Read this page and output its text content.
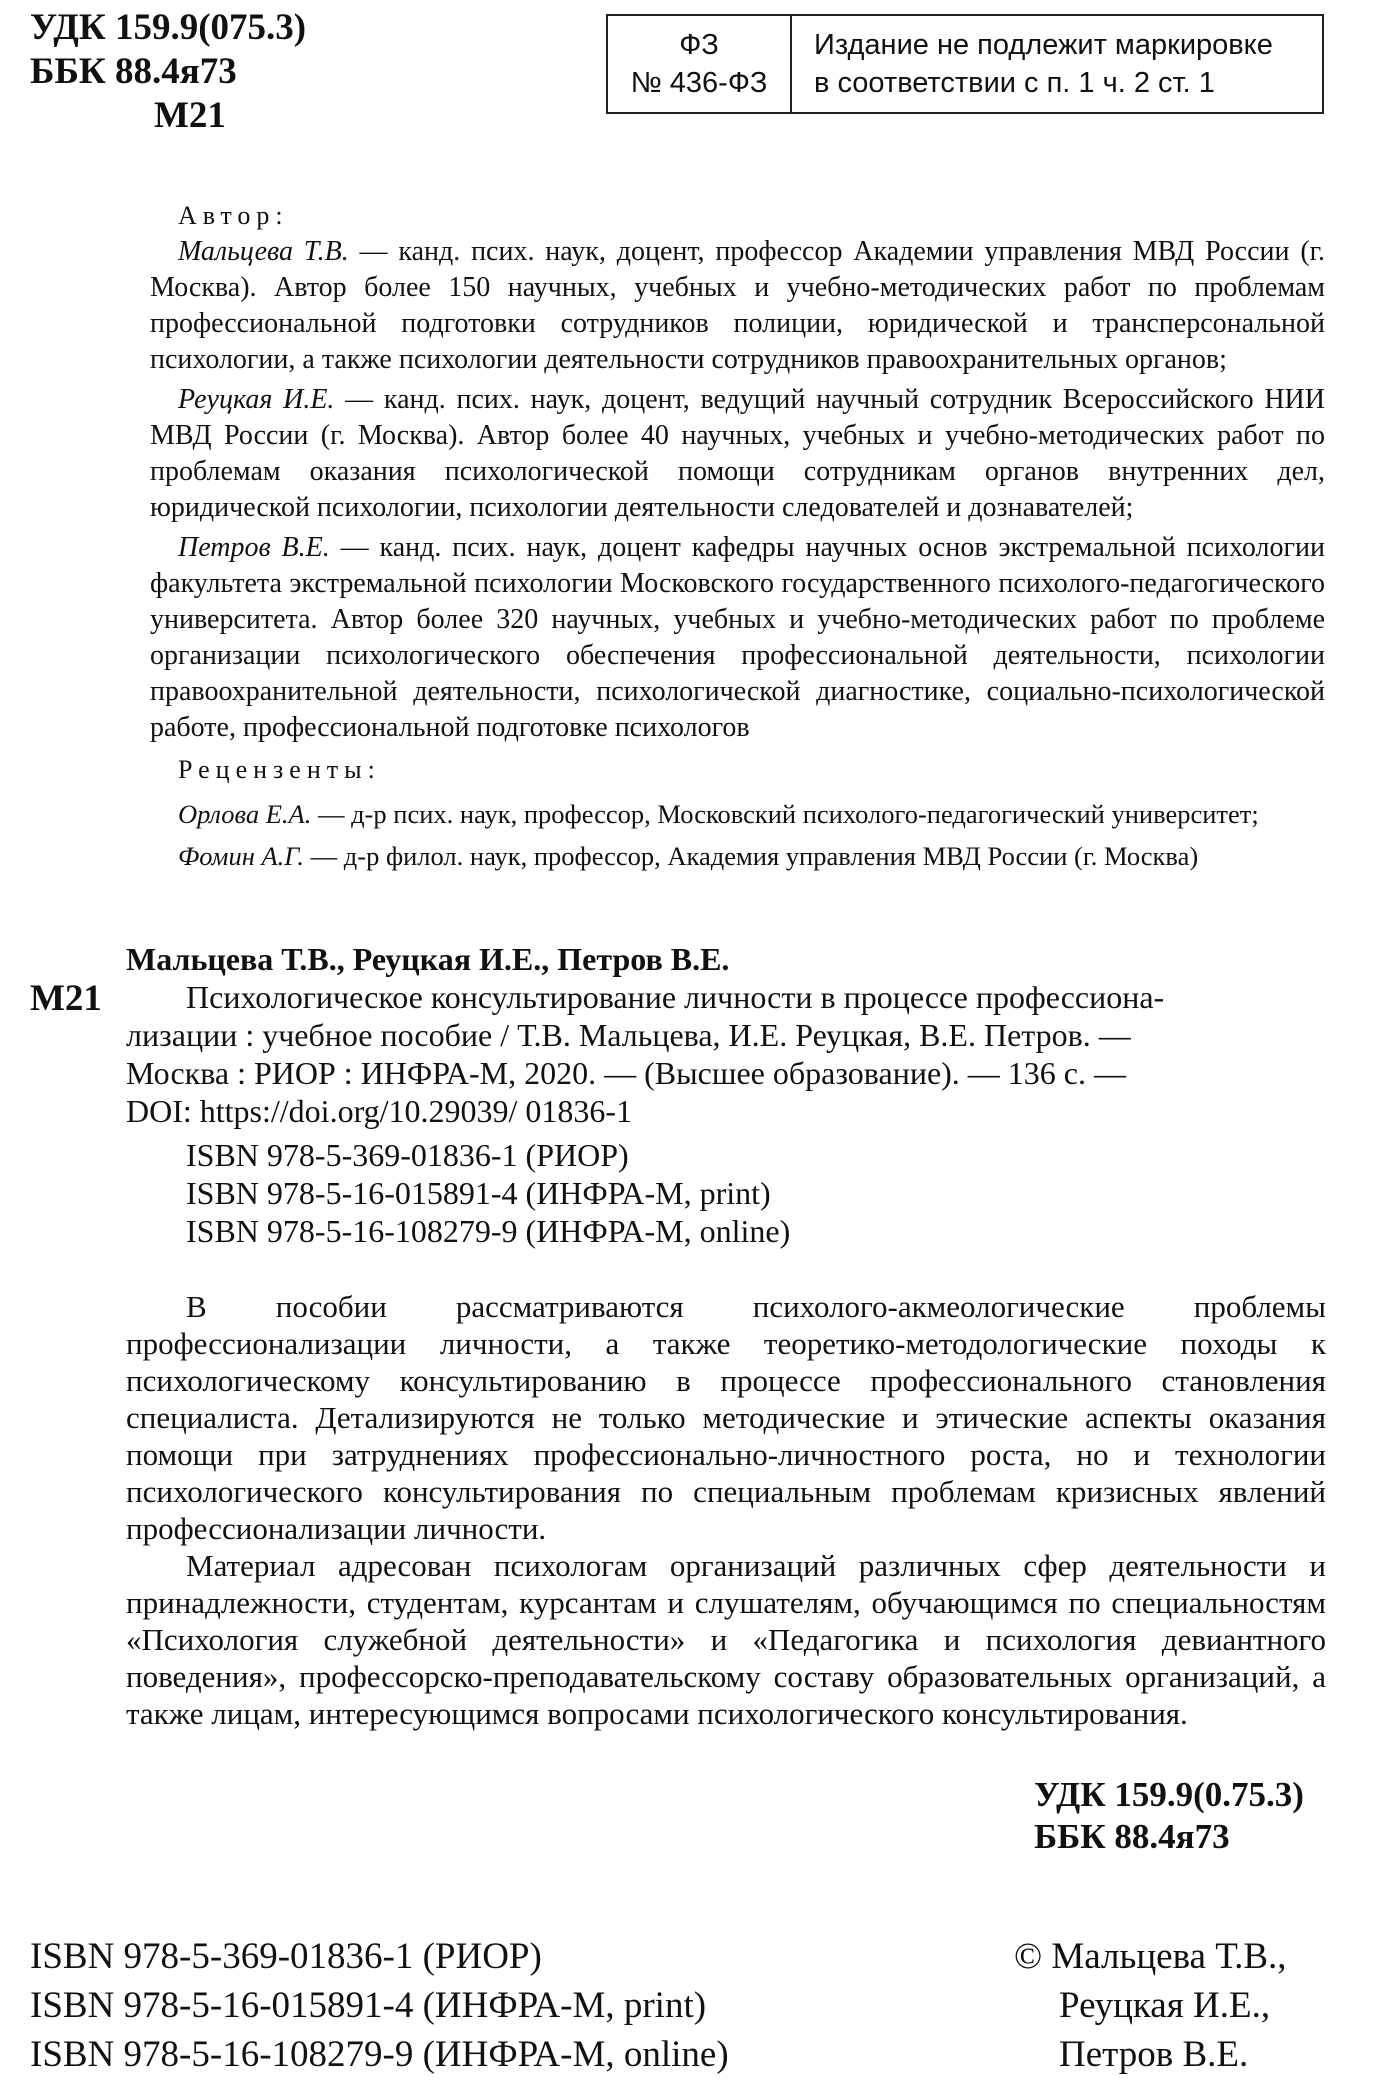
УДК 159.9(075.3)
ББК 88.4я73
М21
ФЗ
№ 436-ФЗ
Издание не подлежит маркировке
в соответствии с п. 1 ч. 2 ст. 1
Автор:
Мальцева Т.В. — канд. псих. наук, доцент, профессор Академии управления МВД России (г. Москва). Автор более 150 научных, учебных и учебно-методических работ по проблемам профессиональной подготовки сотрудников полиции, юридической и трансперсональной психологии, а также психологии деятельности сотрудников правоохранительных органов;
Реуцкая И.Е. — канд. псих. наук, доцент, ведущий научный сотрудник Всероссийского НИИ МВД России (г. Москва). Автор более 40 научных, учебных и учебно-методических работ по проблемам оказания психологической помощи сотрудникам органов внутренних дел, юридической психологии, психологии деятельности следователей и дознавателей;
Петров В.Е. — канд. псих. наук, доцент кафедры научных основ экстремальной психологии факультета экстремальной психологии Московского государственного психолого-педагогического университета. Автор более 320 научных, учебных и учебно-методических работ по проблеме организации психологического обеспечения профессиональной деятельности, психологии правоохранительной деятельности, психологической диагностике, социально-психологической работе, профессиональной подготовке психологов
Рецензенты:
Орлова Е.А. — д-р псих. наук, профессор, Московский психолого-педагогический университет;
Фомин А.Г. — д-р филол. наук, профессор, Академия управления МВД России (г. Москва)
М21
Мальцева Т.В., Реуцкая И.Е., Петров В.Е.
Психологическое консультирование личности в процессе профессиона-
лизации : учебное пособие / Т.В. Мальцева, И.Е. Реуцкая, В.Е. Петров. —
Москва : РИОР : ИНФРА-М, 2020. — (Высшее образование). — 136 с. —
DOI: https://doi.org/10.29039/ 01836-1
ISBN 978-5-369-01836-1 (РИОР)
ISBN 978-5-16-015891-4 (ИНФРА-М, print)
ISBN 978-5-16-108279-9 (ИНФРА-М, online)
В пособии рассматриваются психолого-акмеологические проблемы профессионализации личности, а также теоретико-методологические походы к психологическому консультированию в процессе профессионального становления специалиста. Детализируются не только методические и этические аспекты оказания помощи при затруднениях профессионально-личностного роста, но и технологии психологического консультирования по специальным проблемам кризисных явлений профессионализации личности.
Материал адресован психологам организаций различных сфер деятельности и принадлежности, студентам, курсантам и слушателям, обучающимся по специальностям «Психология служебной деятельности» и «Педагогика и психология девиантного поведения», профессорско-преподавательскому составу образовательных организаций, а также лицам, интересующимся вопросами психологического консультирования.
УДК 159.9(0.75.3)
ББК 88.4я73
ISBN 978-5-369-01836-1 (РИОР)
ISBN 978-5-16-015891-4 (ИНФРА-М, print)
ISBN 978-5-16-108279-9 (ИНФРА-М, online)
© Мальцева Т.В.,
Реуцкая И.Е.,
Петров В.Е.
